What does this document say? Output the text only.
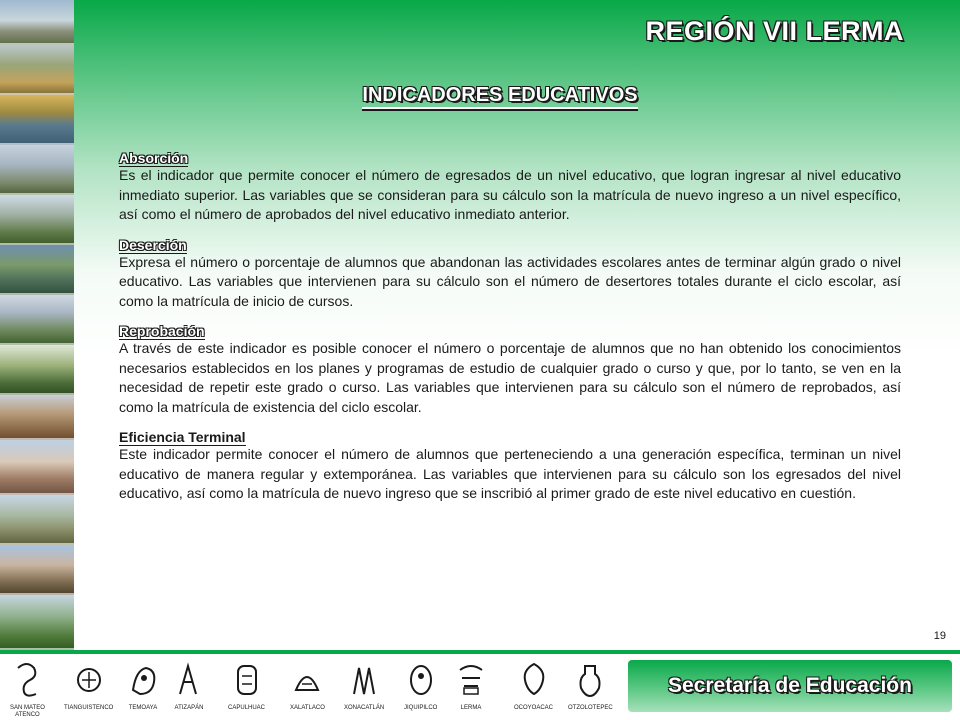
REGIÓN VII LERMA
INDICADORES EDUCATIVOS
Absorción
Es el indicador que permite conocer el número de egresados de un nivel educativo, que logran ingresar al nivel educativo inmediato superior. Las variables que se consideran para su cálculo son la matrícula de nuevo ingreso a un nivel específico, así como el número de aprobados del nivel educativo inmediato anterior.
Deserción
Expresa el número o porcentaje de alumnos que abandonan las actividades escolares antes de terminar algún grado o nivel educativo. Las variables que intervienen para su cálculo son el número de desertores totales durante el ciclo escolar, así como la matrícula de inicio de cursos.
Reprobación
A través de este indicador es posible conocer el número o porcentaje de alumnos que no han obtenido los conocimientos necesarios establecidos en los planes y programas de estudio de cualquier grado o curso y que, por lo tanto, se ven en la necesidad de repetir este grado o curso. Las variables que intervienen para su cálculo son el número de reprobados, así como la matrícula de existencia del ciclo escolar.
Eficiencia Terminal
Este indicador permite conocer el número de alumnos que perteneciendo a una generación específica, terminan un nivel educativo de manera regular y extemporánea. Las variables que intervienen para su cálculo son los egresados del nivel educativo, así como la matrícula de nuevo ingreso que se inscribió al primer grado de este nivel educativo en cuestión.
19
SAN MATEO
ATENCO
TIANGUISTENCO	TEMOAYA	ATIZAPÁN	CAPULHUAC	XALATLACO	XONACATLÁN	JIQUIPILCO	LERMA	OCOYOACAC OTZOLOTEPEC
Secretaría de Educación
